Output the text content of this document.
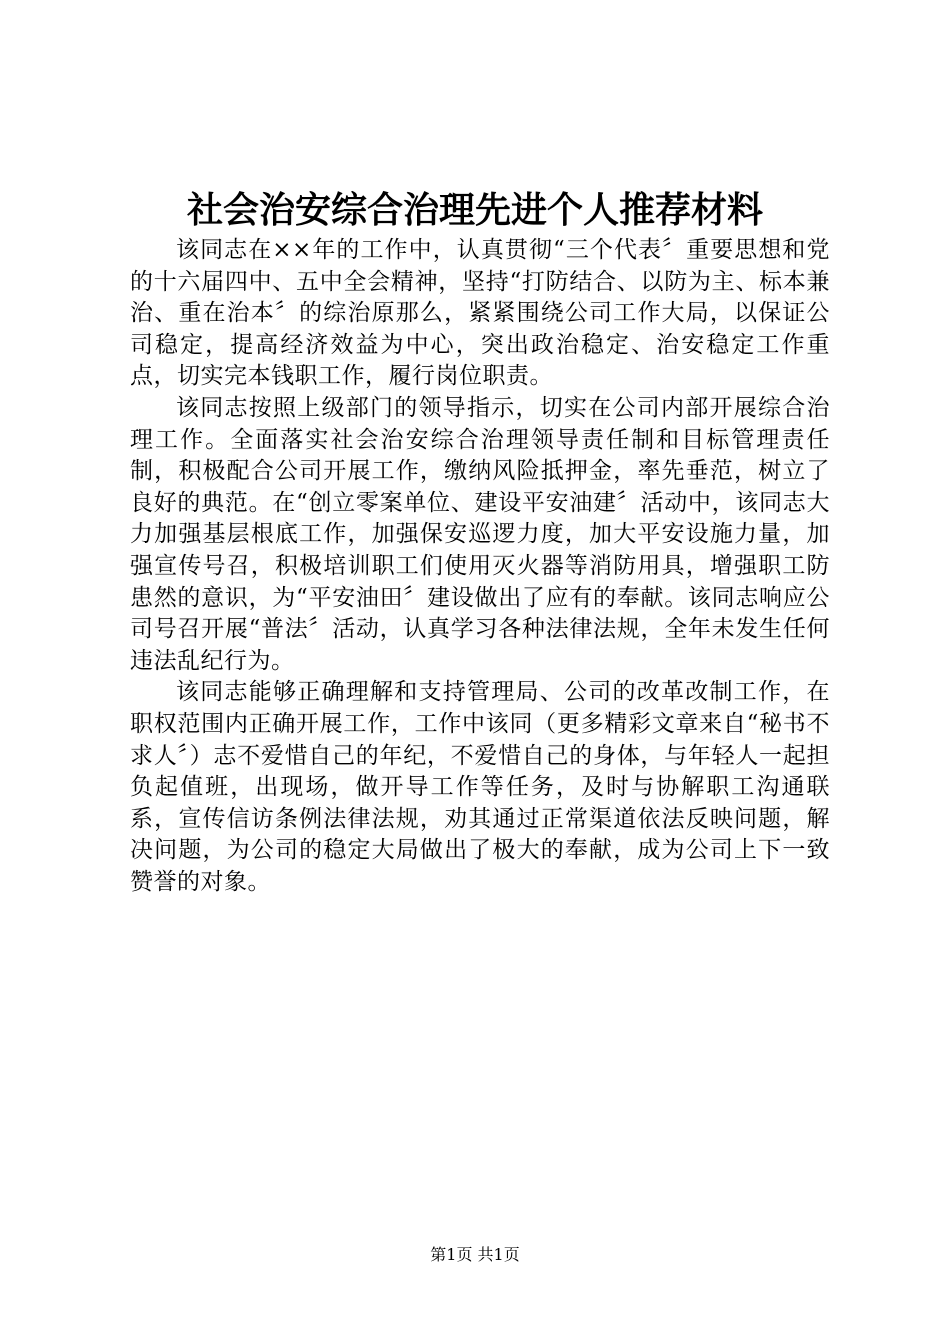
社会治安综合治理先进个人推荐材料

该同志在××年的工作中，认真贯彻“三个代表〞重要思想和党的十六届四中、五中全会精神，坚持“打防结合、以防为主、标本兼治、重在治本〞的综治原那么，紧紧围绕公司工作大局，以保证公司稳定，提高经济效益为中心，突出政治稳定、治安稳定工作重点，切实完本钱职工作，履行岗位职责。

该同志按照上级部门的领导指示，切实在公司内部开展综合治理工作。全面落实社会治安综合治理领导责任制和目标管理责任制，积极配合公司开展工作，缴纳风险抵押金，率先垂范，树立了良好的典范。在“创立零案单位、建设平安油建〞活动中，该同志大力加强基层根底工作，加强保安巡逻力度，加大平安设施力量，加强宣传号召，积极培训职工们使用灭火器等消防用具，增强职工防患然的意识，为“平安油田〞建设做出了应有的奉献。该同志响应公司号召开展“普法〞活动，认真学习各种法律法规，全年未发生任何违法乱纪行为。

该同志能够正确理解和支持管理局、公司的改革改制工作，在职权范围内正确开展工作，工作中该同（更多精彩文章来自“秘书不求人〞）志不爱惜自己的年纪，不爱惜自己的身体，与年轻人一起担负起值班，出现场，做开导工作等任务，及时与协解职工沟通联系，宣传信访条例法律法规，劝其通过正常渠道依法反映问题，解决问题，为公司的稳定大局做出了极大的奉献，成为公司上下一致赞誉的对象。

第1页 共1页
